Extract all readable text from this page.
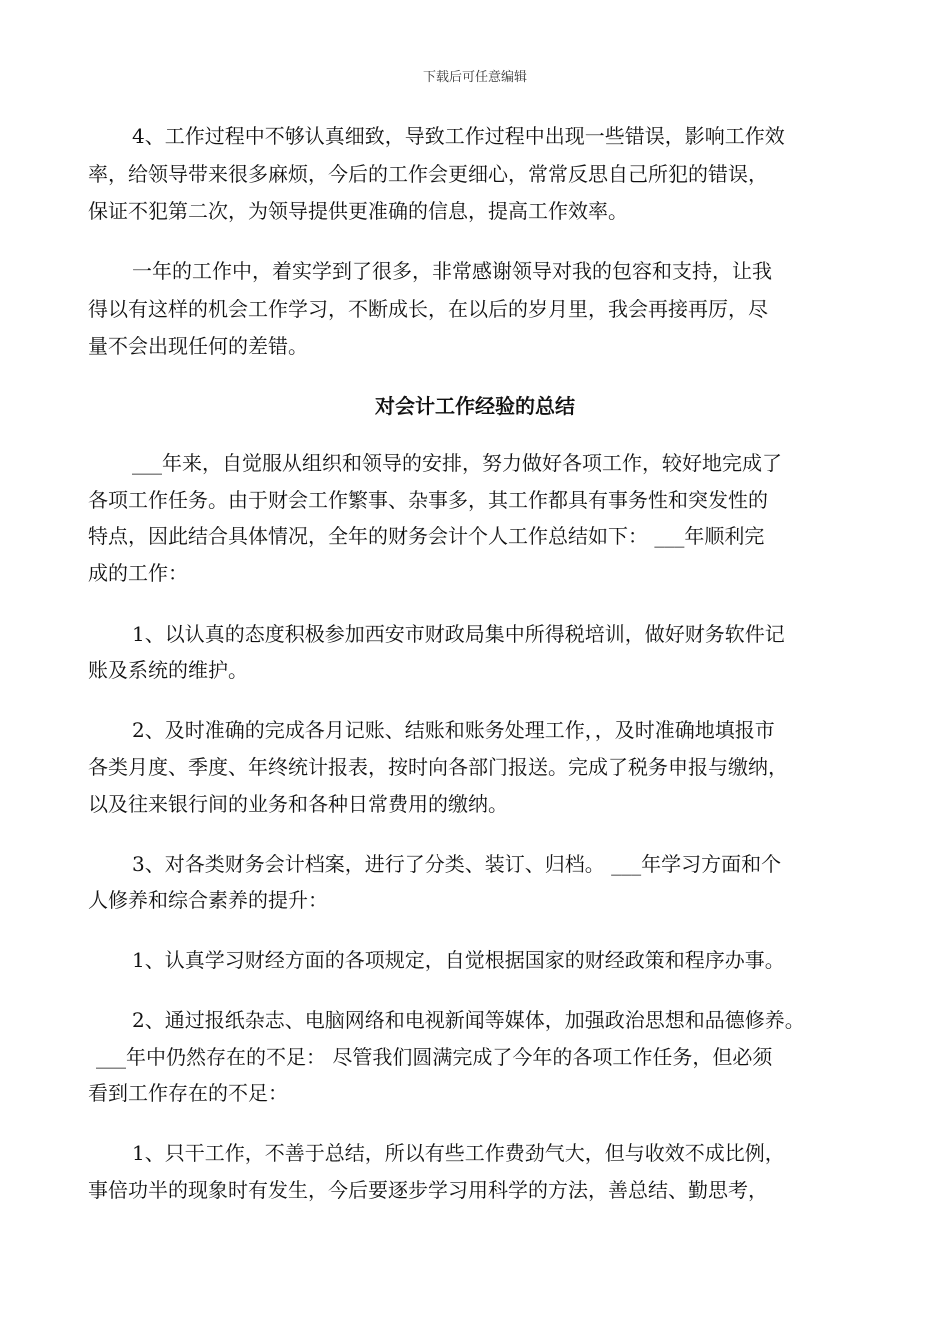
下载后可任意编辑
4、工作过程中不够认真细致，导致工作过程中出现一些错误，影响工作效
率，给领导带来很多麻烦，今后的工作会更细心，常常反思自己所犯的错误，
保证不犯第二次，为领导提供更准确的信息，提高工作效率。
一年的工作中，着实学到了很多，非常感谢领导对我的包容和支持，让我
得以有这样的机会工作学习，不断成长，在以后的岁月里，我会再接再厉，尽
量不会出现任何的差错。
对会计工作经验的总结
___年来，自觉服从组织和领导的安排，努力做好各项工作，较好地完成了
各项工作任务。由于财会工作繁事、杂事多，其工作都具有事务性和突发性的
特点，因此结合具体情况，全年的财务会计个人工作总结如下： ___年顺利完
成的工作：
1、以认真的态度积极参加西安市财政局集中所得税培训，做好财务软件记
账及系统的维护。
2、及时准确的完成各月记账、结账和账务处理工作，，及时准确地填报市
各类月度、季度、年终统计报表，按时向各部门报送。完成了税务申报与缴纳，
以及往来银行间的业务和各种日常费用的缴纳。
3、对各类财务会计档案，进行了分类、装订、归档。 ___年学习方面和个
人修养和综合素养的提升：
1、认真学习财经方面的各项规定，自觉根据国家的财经政策和程序办事。
2、通过报纸杂志、电脑网络和电视新闻等媒体，加强政治思想和品德修养。
___年中仍然存在的不足： 尽管我们圆满完成了今年的各项工作任务，但必须
看到工作存在的不足：
1、只干工作，不善于总结，所以有些工作费劲气大，但与收效不成比例，
事倍功半的现象时有发生，今后要逐步学习用科学的方法，善总结、勤思考，
